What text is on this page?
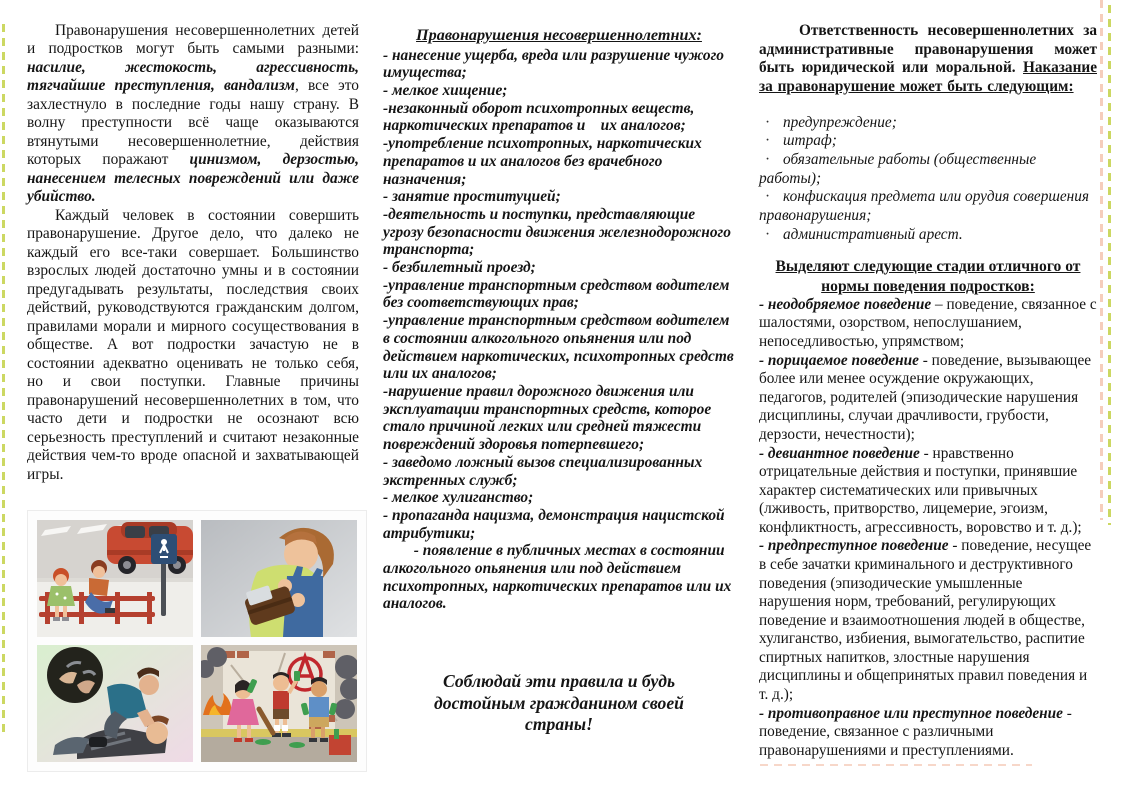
Правонарушения несовершеннолетних детей и подростков могут быть самыми разными: насилие, жестокость, агрессивность, тягчайшие преступления, вандализм, все это захлестнуло в последние годы нашу страну. В волну преступности всё чаще оказываются втянутыми несовершеннолетние, действия которых поражают цинизмом, дерзостью, нанесением телесных повреждений или даже убийство.

Каждый человек в состоянии совершить правонарушение. Другое дело, что далеко не каждый его все-таки совершает. Большинство взрослых людей достаточно умны и в состоянии предугадывать результаты, последствия своих действий, руководствуются гражданским долгом, правилами морали и мирного сосуществования в обществе. А вот подростки зачастую не в состоянии адекватно оценивать не только себя, но и свои поступки. Главные причины правонарушений несовершеннолетних в том, что часто дети и подростки не осознают всю серьезность преступлений и считают незаконные действия чем-то вроде опасной и захватывающей игры.

Правонарушения несовершеннолетних:
- нанесение ущерба, вреда или разрушение чужого имущества;
- мелкое хищение;
-незаконный оборот психотропных веществ, наркотических препаратов и    их аналогов;
-употребление психотропных, наркотических препаратов и их аналогов без врачебного назначения;
- занятие проституцией;
-деятельность и поступки, представляющие угрозу безопасности движения железнодорожного транспорта;
- безбилетный проезд;
-управление транспортным средством водителем без соответствующих прав;
-управление транспортным средством водителем в состоянии алкогольного опьянения или под действием наркотических, психотропных средств или их аналогов;
-нарушение правил дорожного движения или эксплуатации транспортных средств, которое стало причиной легких или средней тяжести повреждений здоровья потерпевшего;
- заведомо ложный вызов специализированных экстренных служб;
- мелкое хулиганство;
- пропаганда нацизма, демонстрация нацистской атрибутики;
- появление в публичных местах в состоянии алкогольного опьянения или под действием психотропных, наркотических препаратов или их аналогов.
Соблюдай эти правила и будь достойным гражданином своей страны!

Ответственность несовершеннолетних за административные правонарушения может быть юридической или моральной. Наказание за правонарушение может быть следующим:

· предупреждение;
· штраф;
· обязательные работы (общественные работы);
· конфискация предмета или орудия совершения правонарушения;
· административный арест.
Выделяют следующие стадии отличного от нормы поведения подростков:
- неодобряемое поведение – поведение, связанное с шалостями, озорством, непослушанием, непоседливостью, упрямством;
- порицаемое поведение - поведение, вызывающее более или менее осуждение окружающих, педагогов, родителей (эпизодические нарушения дисциплины, случаи драчливости, грубости, дерзости, нечестности);
- девиантное поведение - нравственно отрицательные действия и поступки, принявшие характер систематических или привычных (лживость, притворство, лицемерие, эгоизм, конфликтность, агрессивность, воровство и т. д.);
- предпреступное поведение - поведение, несущее в себе зачатки криминального и деструктивного поведения (эпизодические умышленные нарушения норм, требований, регулирующих поведение и взаимоотношения людей в обществе, хулиганство, избиения, вымогательство, распитие спиртных напитков, злостные нарушения дисциплины и общепринятых правил поведения и т. д.);
- противоправное или преступное поведение - поведение, связанное с различными правонарушениями и преступлениями.
